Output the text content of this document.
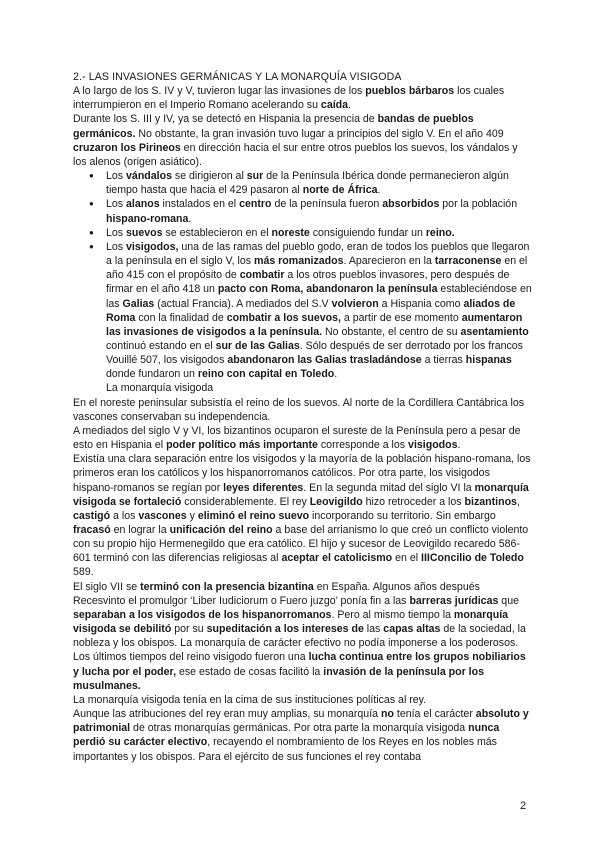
2.- LAS INVASIONES GERMÁNICAS Y LA MONARQUÍA VISIGODA

A lo largo de los S. IV y V, tuvieron lugar las invasiones de los pueblos bárbaros los cuales interrumpieron en el Imperio Romano acelerando su caída.

Durante los S. III y IV, ya se detectó en Hispania la presencia de bandas de pueblos germánicos. No obstante, la gran invasión tuvo lugar a principios del siglo V. En el año 409 cruzaron los Pirineos en dirección hacia el sur entre otros pueblos los suevos, los vándalos y los alenos (origen asiático).

● Los vándalos se dirigieron al sur de la Península Ibérica donde permanecieron algún tiempo hasta que hacia el 429 pasaron al norte de África.
● Los alanos instalados en el centro de la península fueron absorbidos por la población hispano-romana.
● Los suevos se establecieron en el noreste consiguiendo fundar un reino.
● Los visigodos, una de las ramas del pueblo godo, eran de todos los pueblos que llegaron a la península en el siglo V, los más romanizados. Aparecieron en la tarraconense en el año 415 con el propósito de combatir a los otros pueblos invasores, pero después de firmar en el año 418 un pacto con Roma, abandonaron la península estableciéndose en las Galias (actual Francia). A mediados del S.V volvieron a Hispania como aliados de Roma con la finalidad de combatir a los suevos, a partir de ese momento aumentaron las invasiones de visigodos a la península. No obstante, el centro de su asentamiento continuó estando en el sur de las Galias. Sólo después de ser derrotado por los francos Vouillé 507, los visigodos abandonaron las Galias trasladándose a tierras hispanas donde fundaron un reino con capital en Toledo.

La monarquía visigoda

En el noreste peninsular subsistía el reino de los suevos. Al norte de la Cordillera Cantábrica los vascones conservaban su independencia.

A mediados del siglo V y VI, los bizantinos ocuparon el sureste de la Península pero a pesar de esto en Hispania el poder político más importante corresponde a los visigodos.

Existía una clara separación entre los visigodos y la mayoría de la población hispano-romana, los primeros eran los católicos y los hispanorromanos católicos. Por otra parte, los visigodos hispano-romanos se regían por leyes diferentes. En la segunda mitad del siglo VI la monarquía visigoda se fortaleció considerablemente. El rey Leovigildo hizo retroceder a los bizantinos, castigó a los vascones y eliminó el reino suevo incorporando su territorio. Sin embargo fracasó en lograr la unificación del reino a base del arrianismo lo que creó un conflicto violento con su propio hijo Hermenegildo que era católico. El hijo y sucesor de Leovigildo recaredo 586-601 terminó con las diferencias religiosas al aceptar el catolicismo en el IIIConcilio de Toledo 589.

El siglo VII se terminó con la presencia bizantina en España. Algunos años después Recesvinto el promulgor ‘Liber Iudiciorum o Fuero juzgo’ ponía fin a las barreras jurídicas que separaban a los visigodos de los hispanorromanos. Pero al mismo tiempo la monarquía visigoda se debilitó por su supeditación a los intereses de las capas altas de la sociedad, la nobleza y los obispos. La monarquía de carácter efectivo no podía imponerse a los poderosos. Los últimos tiempos del reino visigodo fueron una lucha continua entre los grupos nobiliarios y lucha por el poder, ese estado de cosas facilitó la invasión de la península por los musulmanes.

La monarquía visigoda tenía en la cima de sus instituciones políticas al rey.

Aunque las atribuciones del rey eran muy amplias, su monarquía no tenía el carácter absoluto y patrimonial de otras monarquías germánicas. Por otra parte la monarquía visigoda nunca perdió su carácter electivo, recayendo el nombramiento de los Reyes en los nobles más importantes y los obispos. Para el ejército de sus funciones el rey contaba

2
